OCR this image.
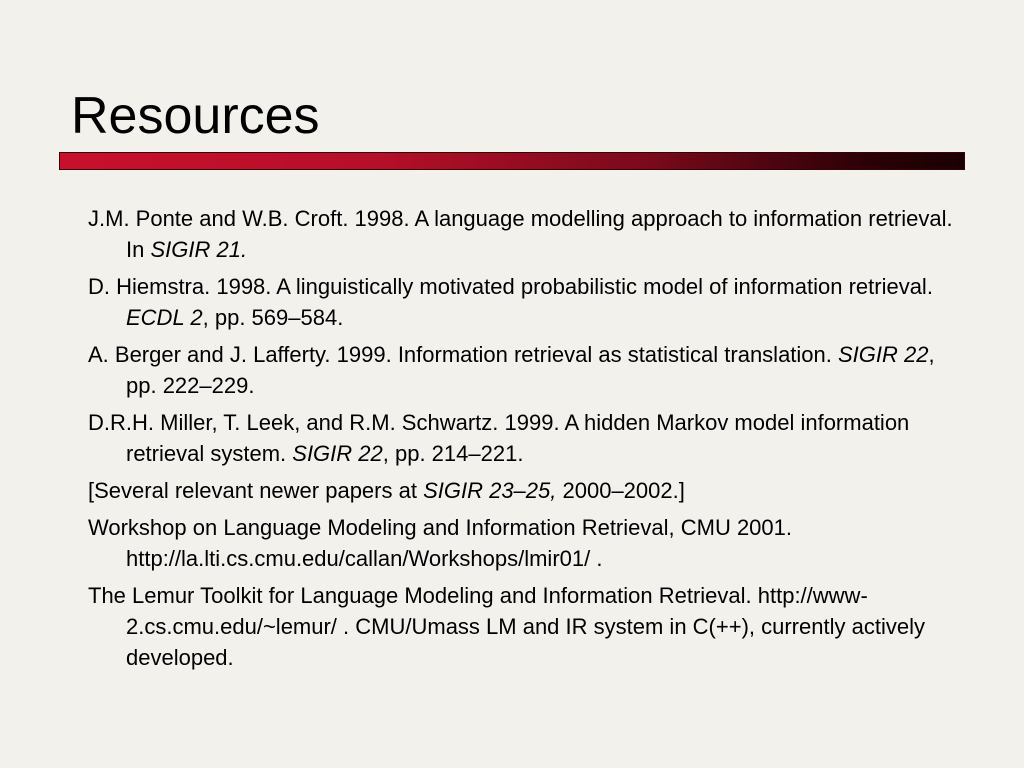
Resources
J.M. Ponte and W.B. Croft. 1998. A language modelling approach to information retrieval. In SIGIR 21.
D. Hiemstra. 1998. A linguistically motivated probabilistic model of information retrieval. ECDL 2, pp. 569–584.
A. Berger and J. Lafferty. 1999. Information retrieval as statistical translation. SIGIR 22, pp. 222–229.
D.R.H. Miller, T. Leek, and R.M. Schwartz. 1999. A hidden Markov model information retrieval system. SIGIR 22, pp. 214–221.
[Several relevant newer papers at SIGIR 23–25, 2000–2002.]
Workshop on Language Modeling and Information Retrieval, CMU 2001. http://la.lti.cs.cmu.edu/callan/Workshops/lmir01/ .
The Lemur Toolkit for Language Modeling and Information Retrieval. http://www-2.cs.cmu.edu/~lemur/ . CMU/Umass LM and IR system in C(++), currently actively developed.
